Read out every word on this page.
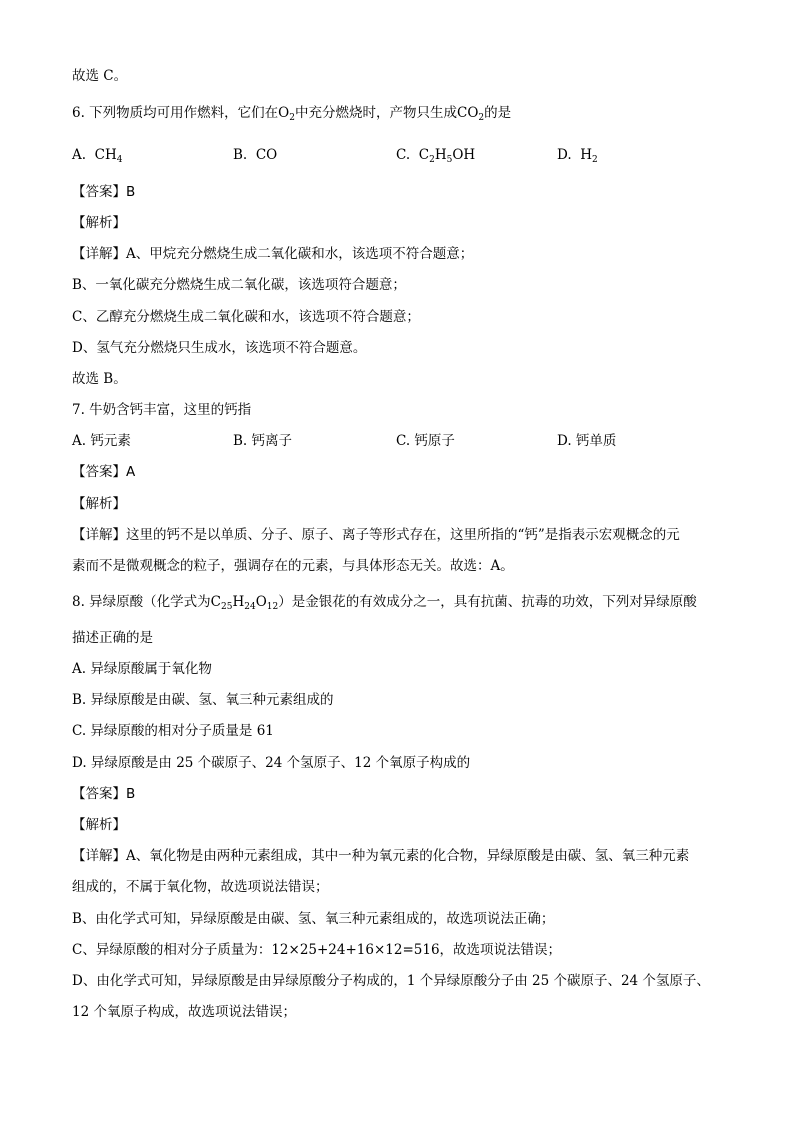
故选 C。
6. 下列物质均可用作燃料，它们在$O_2$中充分燃烧时，产物只生成$CO_2$的是
A. $CH_4$	B. CO	C. $C_2H_5OH$	D. $H_2$
【答案】B
【解析】
【详解】A、甲烷充分燃烧生成二氧化碳和水，该选项不符合题意；
B、一氧化碳充分燃烧生成二氧化碳，该选项符合题意；
C、乙醇充分燃烧生成二氧化碳和水，该选项不符合题意；
D、氢气充分燃烧只生成水，该选项不符合题意。
故选 B。
7. 牛奶含钙丰富，这里的钙指
A. 钙元素	B. 钙离子	C. 钙原子	D. 钙单质
【答案】A
【解析】
【详解】这里的钙不是以单质、分子、原子、离子等形式存在，这里所指的“钙”是指表示宏观概念的元
素而不是微观概念的粒子，强调存在的元素，与具体形态无关。故选：A。
8. 异绿原酸（化学式为$C_{25}H_{24}O_{12}$）是金银花的有效成分之一，具有抗菌、抗毒的功效，下列对异绿原酸
描述正确的是
A. 异绿原酸属于氧化物
B. 异绿原酸是由碳、氢、氧三种元素组成的
C. 异绿原酸的相对分子质量是 61
D. 异绿原酸是由 25 个碳原子、24 个氢原子、12 个氧原子构成的
【答案】B
【解析】
【详解】A、氧化物是由两种元素组成，其中一种为氧元素的化合物，异绿原酸是由碳、氢、氧三种元素
组成的，不属于氧化物，故选项说法错误；
B、由化学式可知，异绿原酸是由碳、氢、氧三种元素组成的，故选项说法正确；
C、异绿原酸的相对分子质量为：12×25+24+16×12=516，故选项说法错误；
D、由化学式可知，异绿原酸是由异绿原酸分子构成的，1 个异绿原酸分子由 25 个碳原子、24 个氢原子、
12 个氧原子构成，故选项说法错误；
